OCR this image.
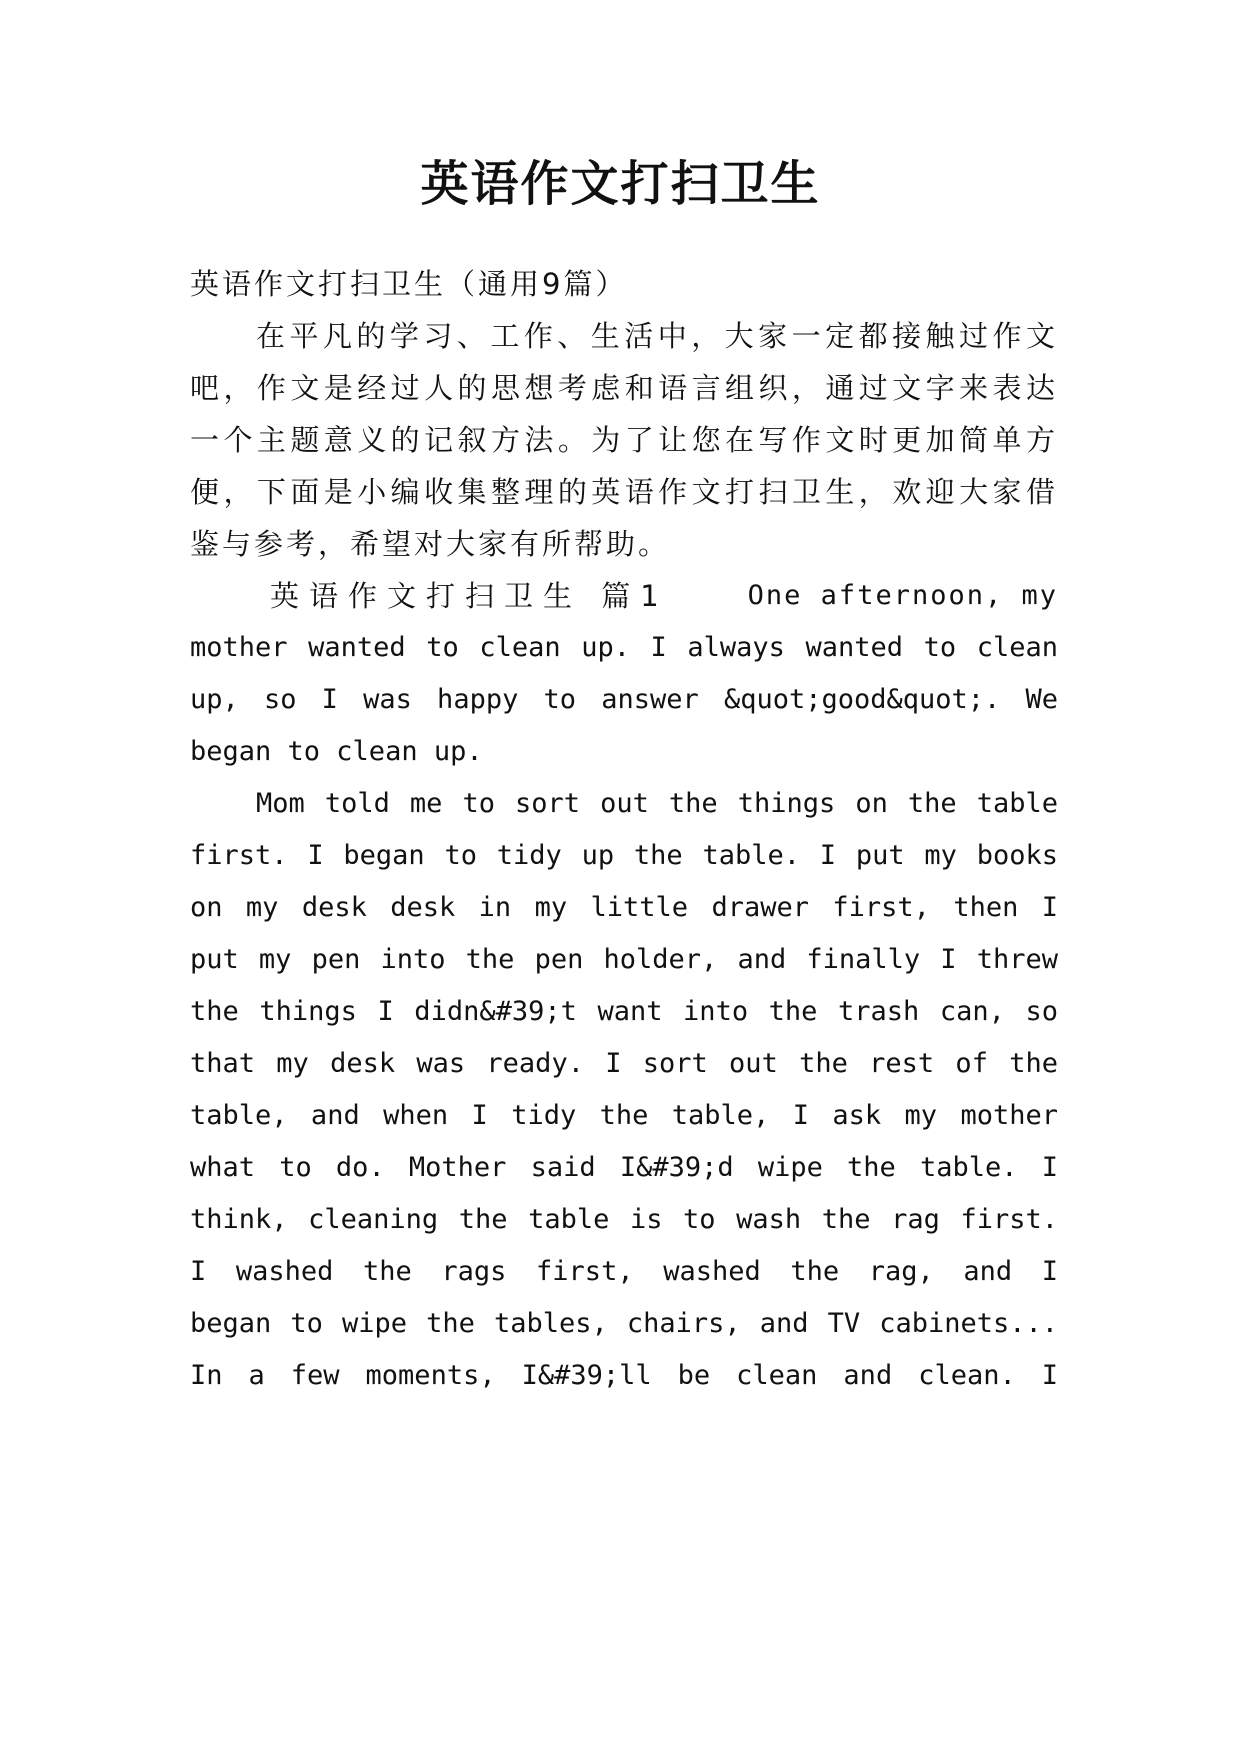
英语作文打扫卫生

英语作文打扫卫生（通用9篇）

在平凡的学习、工作、生活中，大家一定都接触过作文

吧，作文是经过人的思想考虑和语言组织，通过文字来表达

一个主题意义的记叙方法。为了让您在写作文时更加简单方

便，下面是小编收集整理的英语作文打扫卫生，欢迎大家借

鉴与参考，希望对大家有所帮助。

英语作文打扫卫生 篇1	One afternoon, my

mother wanted to clean up. I always wanted to clean

up, so I was happy to answer &quot;good&quot;. We

began to clean up.

Mom told me to sort out the things on the table

first. I began to tidy up the table. I put my books

on my desk desk in my little drawer first, then I

put my pen into the pen holder, and finally I threw

the things I didn&#39;t want into the trash can, so

that my desk was ready. I sort out the rest of the

table, and when I tidy the table, I ask my mother

what to do. Mother said I&#39;d wipe the table. I

think, cleaning the table is to wash the rag first.

I washed the rags first, washed the rag, and I

began to wipe the tables, chairs, and TV cabinets...

In a few moments, I&#39;ll be clean and clean. I
